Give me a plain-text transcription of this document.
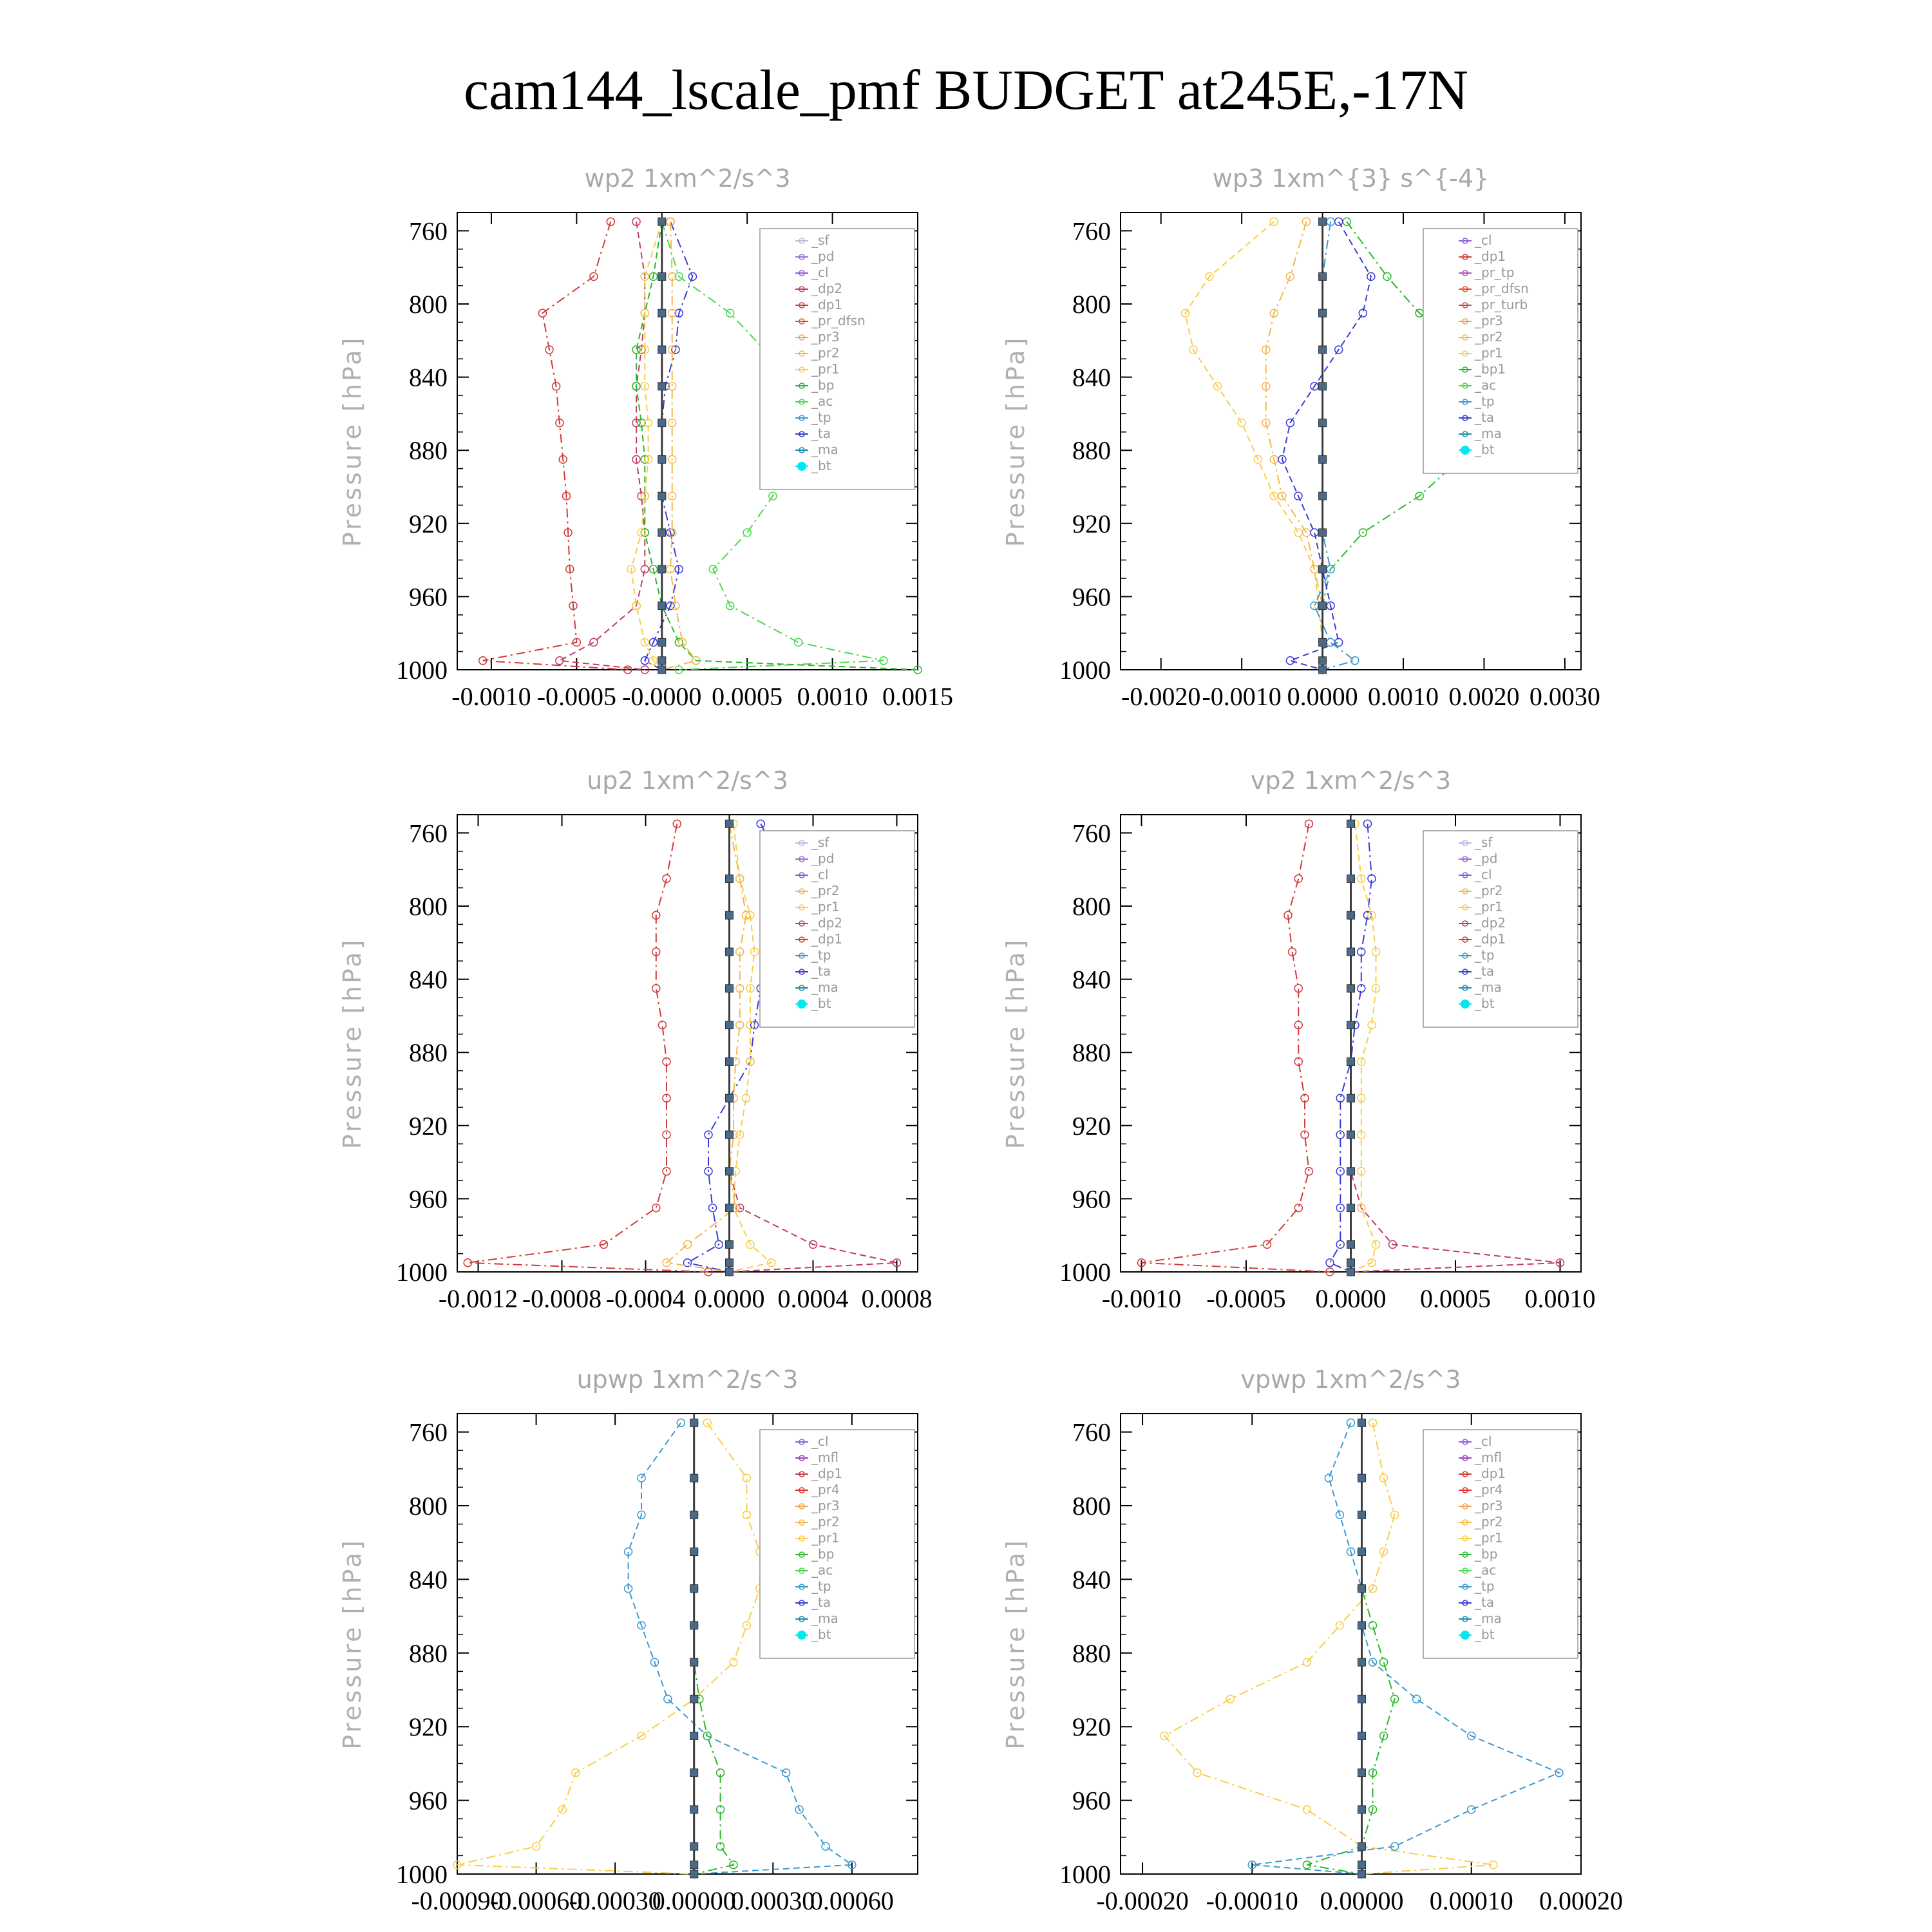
cam144_lscale_pmf BUDGET at245E,-17N
wp2 1xm^2/s^3
Pressure [hPa]
760
800
840
880
920
960
1000
-0.0010 -0.0005 -0.0000 0.0005 0.0010 0.0015
_sf
_pd
_cl
_dp2
_dp1
_pr_dfsn
_pr3
_pr2
_pr1
_bp
_ac
_tp
_ta
_ma
_bt
wp3 1xm^{3} s^{-4}
Pressure [hPa]
760
800
840
880
920
960
1000
-0.0020 -0.0010 0.0000 0.0010 0.0020 0.0030
_cl
_dp1
_pr_tp
_pr_dfsn
_pr_turb
_pr3
_pr2
_pr1
_bp1
_ac
_tp
_ta
_ma
_bt
up2 1xm^2/s^3
Pressure [hPa]
760
800
840
880
920
960
1000
-0.0012 -0.0008 -0.0004 0.0000 0.0004 0.0008
_sf
_pd
_cl
_pr2
_pr1
_dp2
_dp1
_tp
_ta
_ma
_bt
vp2 1xm^2/s^3
Pressure [hPa]
760
800
840
880
920
960
1000
-0.0010 -0.0005 0.0000 0.0005 0.0010
_sf
_pd
_cl
_pr2
_pr1
_dp2
_dp1
_tp
_ta
_ma
_bt
upwp 1xm^2/s^3
Pressure [hPa]
760
800
840
880
920
960
1000
-0.00090
-0.00060
-0.00030
0.00000
0.00030
0.00060
_cl
_mfl
_dp1
_pr4
_pr3
_pr2
_pr1
_bp
_ac
_tp
_ta
_ma
_bt
vpwp 1xm^2/s^3
Pressure [hPa]
760
800
840
880
920
960
1000
-0.00020 -0.00010 0.00000 0.00010 0.00020
_cl
_mfl
_dp1
_pr4
_pr3
_pr2
_pr1
_bp
_ac
_tp
_ta
_ma
_bt
